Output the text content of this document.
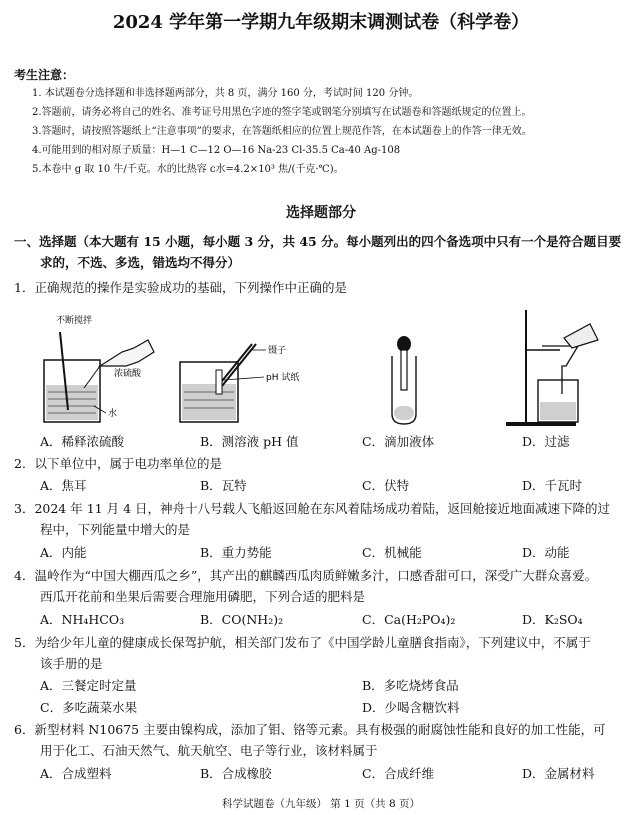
2024 学年第一学期九年级期末调测试卷（科学卷）
考生注意：
1. 本试题卷分选择题和非选择题两部分，共 8 页，满分 160 分，考试时间 120 分钟。
2.答题前，请务必将自己的姓名、准考证号用黑色字迹的签字笔或钢笔分别填写在试题卷和答题纸规定的位置上。
3.答题时，请按照答题纸上“注意事项”的要求，在答题纸相应的位置上规范作答，在本试题卷上的作答一律无效。
4.可能用到的相对原子质量：H—1 C—12 O—16 Na-23 Cl-35.5 Ca-40 Ag-108
5.本卷中 g 取 10 牛/千克。水的比热容 c水=4.2×10³ 焦/(千克·℃)。
选择题部分
一、选择题（本大题有 15 小题，每小题 3 分，共 45 分。每小题列出的四个备选项中只有一个是符合题目要
求的，不选、多选，错选均不得分）
1．正确规范的操作是实验成功的基础，下列操作中正确的是
不断搅拌
浓硫酸
水
镊子
pH 试纸
A．稀释浓硫酸	B．测溶液 pH 值	C．滴加液体	D．过滤
2．以下单位中，属于电功率单位的是
A．焦耳	B．瓦特	C．伏特	D．千瓦时
3．2024 年 11 月 4 日，神舟十八号载人飞船返回舱在东风着陆场成功着陆，返回舱接近地面减速下降的过
程中，下列能量中增大的是
A．内能	B．重力势能	C．机械能	D．动能
4．温岭作为“中国大棚西瓜之乡”，其产出的麒麟西瓜肉质鲜嫩多汁，口感香甜可口，深受广大群众喜爱。
西瓜开花前和坐果后需要合理施用磷肥，下列合适的肥料是
A．NH₄HCO₃	B．CO(NH₂)₂	C．Ca(H₂PO₄)₂	D．K₂SO₄
5．为给少年儿童的健康成长保驾护航，相关部门发布了《中国学龄儿童膳食指南》，下列建议中，不属于
该手册的是
A．三餐定时定量	B．多吃烧烤食品
C．多吃蔬菜水果	D．少喝含糖饮料
6．新型材料 N10675 主要由镍构成，添加了钼、铬等元素。具有极强的耐腐蚀性能和良好的加工性能，可
用于化工、石油天然气、航天航空、电子等行业，该材料属于
A．合成塑料	B．合成橡胶	C．合成纤维	D．金属材料
科学试题卷（九年级） 第 1 页（共 8 页）
